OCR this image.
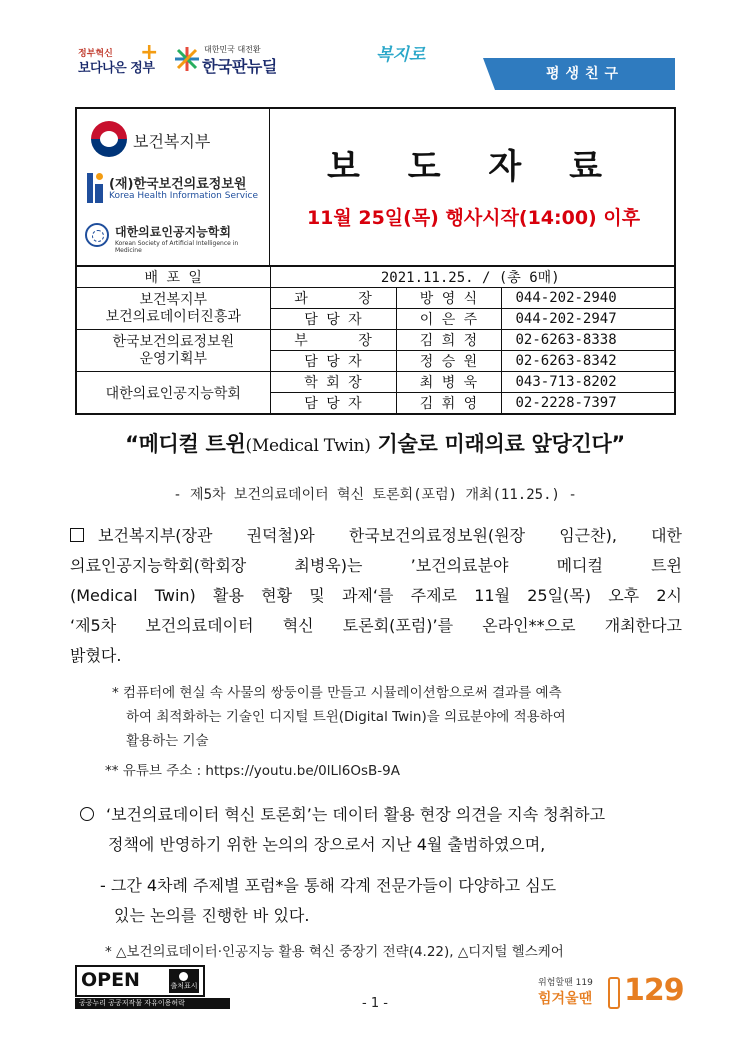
정부혁신
보다나은 정부
+	대한민국 대전환
한국판뉴딜
복지로
평생친구
보건복지부
(재)한국보건의료정보원
Korea Health Information Service
대한의료인공지능학회
Korean Society of Artificial Intelligence in Medicine
보 도 자 료
11월 25일(목) 행사시작(14:00) 이후
배 포 일	2021.11.25. / (총 6매)		
보건복지부
보건의료데이터진흥과	과      장	방 영 식	044-202-2940
	담 당 자	이 은 주	044-202-2947
한국보건의료정보원
운영기획부	부      장	김 희 정	02-6263-8338
	담 당 자	정 승 원	02-6263-8342
대한의료인공지능학회	학 회 장	최 병 욱	043-713-8202
	담 당 자	김 휘 영	02-2228-7397
“메디컬 트윈(Medical Twin) 기술로 미래의료 앞당긴다”
- 제5차 보건의료데이터 혁신 토론회(포럼) 개최(11.25.) -
보건복지부(장관 권덕철)와 한국보건의료정보원(원장 임근찬), 대한
의료인공지능학회(학회장 최병욱)는 ’보건의료분야 메디컬 트윈
(Medical Twin) 활용 현황 및 과제‘를 주제로 11월 25일(목) 오후 2시
‘제5차 보건의료데이터 혁신 토론회(포럼)’를 온라인**으로 개최한다고
밝혔다.
* 컴퓨터에 현실 속 사물의 쌍둥이를 만들고 시뮬레이션함으로써 결과를 예측
하여 최적화하는 기술인 디지털 트윈(Digital Twin)을 의료분야에 적용하여
활용하는 기술
** 유튜브 주소 : https://youtu.be/0lLl6OsB-9A
‘보건의료데이터 혁신 토론회’는 데이터 활용 현장 의견을 지속 청취하고
정책에 반영하기 위한 논의의 장으로서 지난 4월 출범하였으며,
- 그간 4차례 주제별 포럼*을 통해 각계 전문가들이 다양하고 심도
있는 논의를 진행한 바 있다.
* △보건의료데이터·인공지능 활용 혁신 중장기 전략(4.22), △디지털 헬스케어
OPEN	출처표시
공공누리 공공저작물 자유이용허락	- 1 -
위험할땐 119
힘겨울땐 129
